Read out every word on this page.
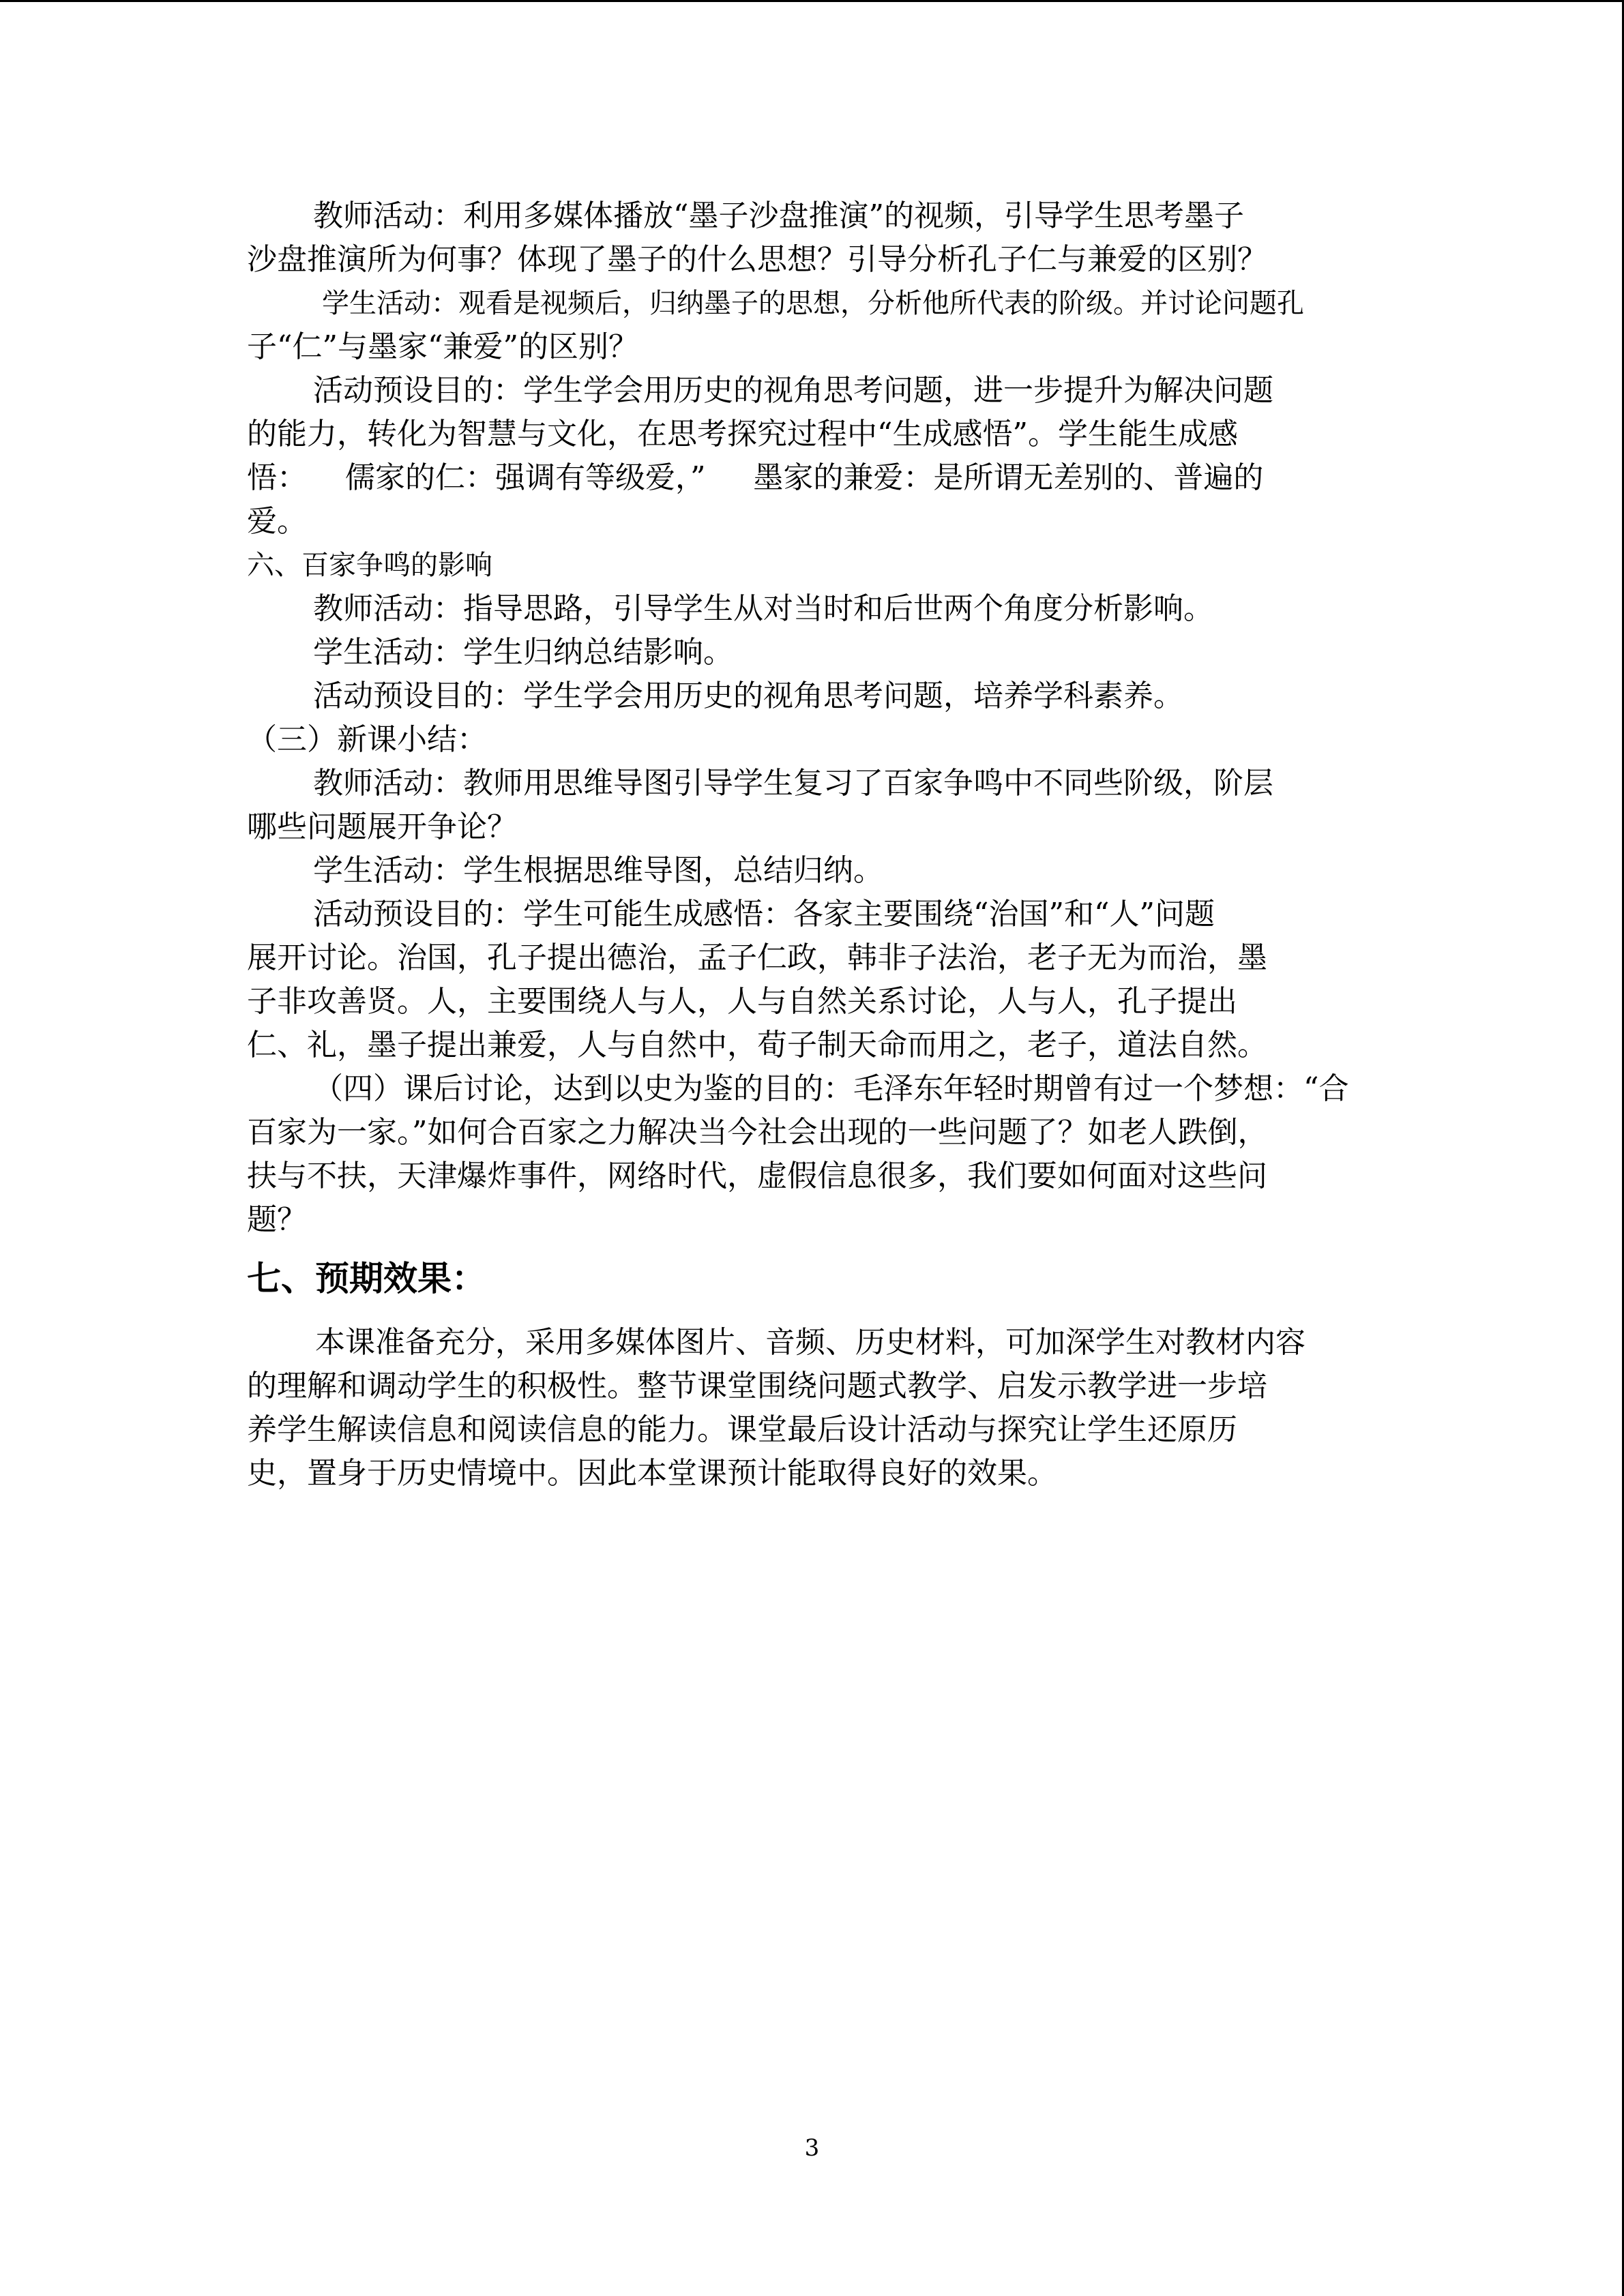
教师活动：利用多媒体播放“墨子沙盘推演”的视频，引导学生思考墨子

沙盘推演所为何事？体现了墨子的什么思想？引导分析孔子仁与兼爱的区别？

学生活动：观看是视频后，归纳墨子的思想，分析他所代表的阶级。并讨论问题孔

子“仁”与墨家“兼爱”的区别？

活动预设目的：学生学会用历史的视角思考问题，进一步提升为解决问题

的能力，转化为智慧与文化，在思考探究过程中“生成感悟”。学生能生成感

悟：    儒家的仁：强调有等级爱，”     墨家的兼爱：是所谓无差别的、普遍的

爱。

六、百家争鸣的影响

教师活动：指导思路，引导学生从对当时和后世两个角度分析影响。

学生活动：学生归纳总结影响。

活动预设目的：学生学会用历史的视角思考问题，培养学科素养。

（三）新课小结：

教师活动：教师用思维导图引导学生复习了百家争鸣中不同些阶级，阶层

哪些问题展开争论？

学生活动：学生根据思维导图，总结归纳。

活动预设目的：学生可能生成感悟：各家主要围绕“治国”和“人”问题

展开讨论。治国，孔子提出德治，孟子仁政，韩非子法治，老子无为而治，墨

子非攻善贤。人，主要围绕人与人，人与自然关系讨论，人与人，孔子提出

仁、礼，墨子提出兼爱，人与自然中，荀子制天命而用之，老子，道法自然。

（四）课后讨论，达到以史为鉴的目的：毛泽东年轻时期曾有过一个梦想：“合

百家为一家。”如何合百家之力解决当今社会出现的一些问题了？如老人跌倒，

扶与不扶，天津爆炸事件，网络时代，虚假信息很多，我们要如何面对这些问

题？

七、预期效果：

本课准备充分，采用多媒体图片、音频、历史材料，可加深学生对教材内容

的理解和调动学生的积极性。整节课堂围绕问题式教学、启发示教学进一步培

养学生解读信息和阅读信息的能力。课堂最后设计活动与探究让学生还原历

史，置身于历史情境中。因此本堂课预计能取得良好的效果。

3
